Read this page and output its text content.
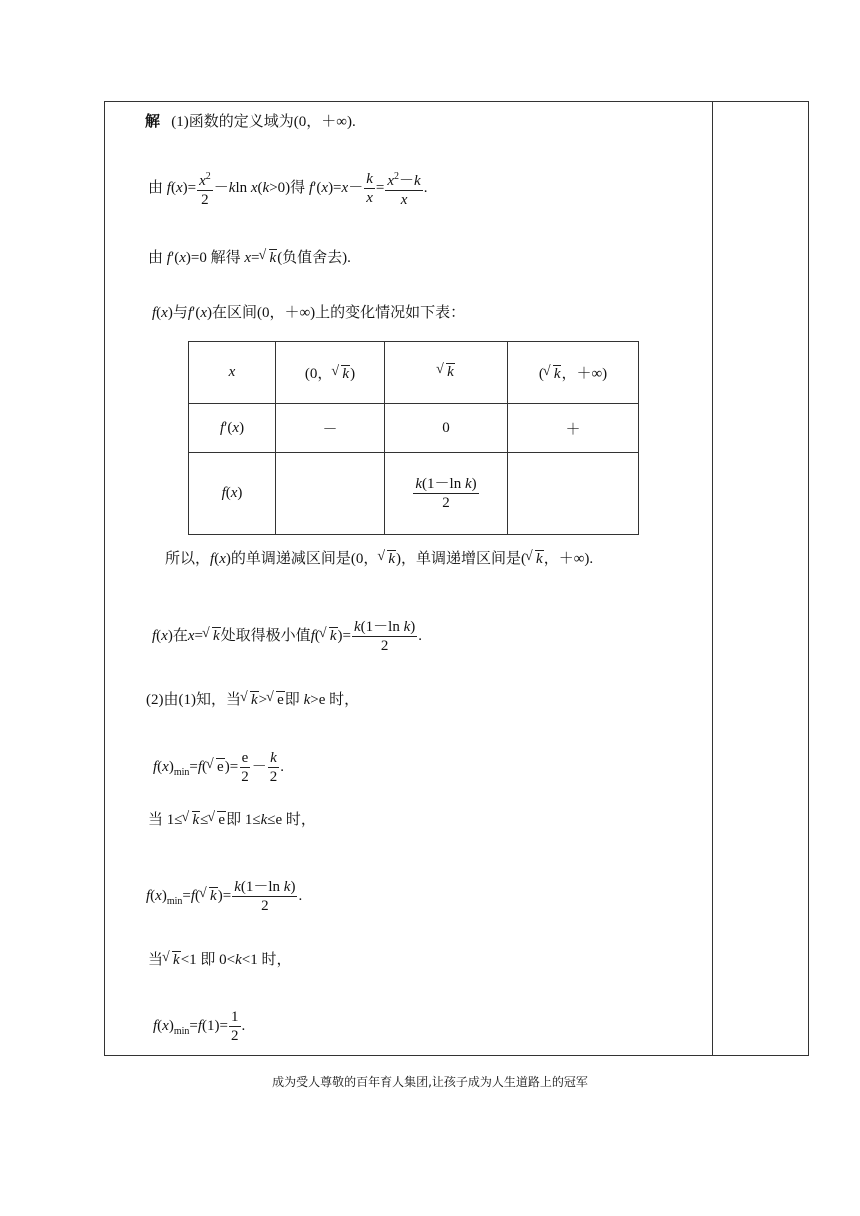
解 (1)函数的定义域为(0，＋∞).
由 $f(x)= \frac{x^2}{2} -kln$ x(k>0)得 $f'(x)=x- \frac{k}{x} = \frac{x^2-k}{x}$ .
由 f′(x)=0 解得 x= √ k(负值舍去).
f(x)与f′(x)在区间(0，＋∞)上的变化情况如下表：
x	(0， √ k)	√ k	( √ k，＋∞)
f′(x)	－	0	＋
f(x)		$\frac{\text{k(1－ln k)}}{2}$

所以，f(x)的单调递减区间是(0， √ k)，单调递增区间是( √ k，＋∞).
f(x)在x= √ k处取得极小值f( √ $k)= \frac{\text{k(1－ln k)}}{2}$ .
(2)由(1)知，当 √ k> √ e即 k>e 时，
$f(x)_{min}=f$( √ $e)= \frac{e}{2} - \frac{k}{2}$ .
当 1≤ √ k≤ √ e即 1≤k≤e 时，
$f(x)_{min}=f$( √ $k)= \frac{\text{k(1－ln k)}}{2}$ .
当 √ k<1 即 0<k<1 时，
$f(x)_{min}=f(1)= \frac{1}{2}$ .
成为受人尊敬的百年育人集团,让孩子成为人生道路上的冠军
